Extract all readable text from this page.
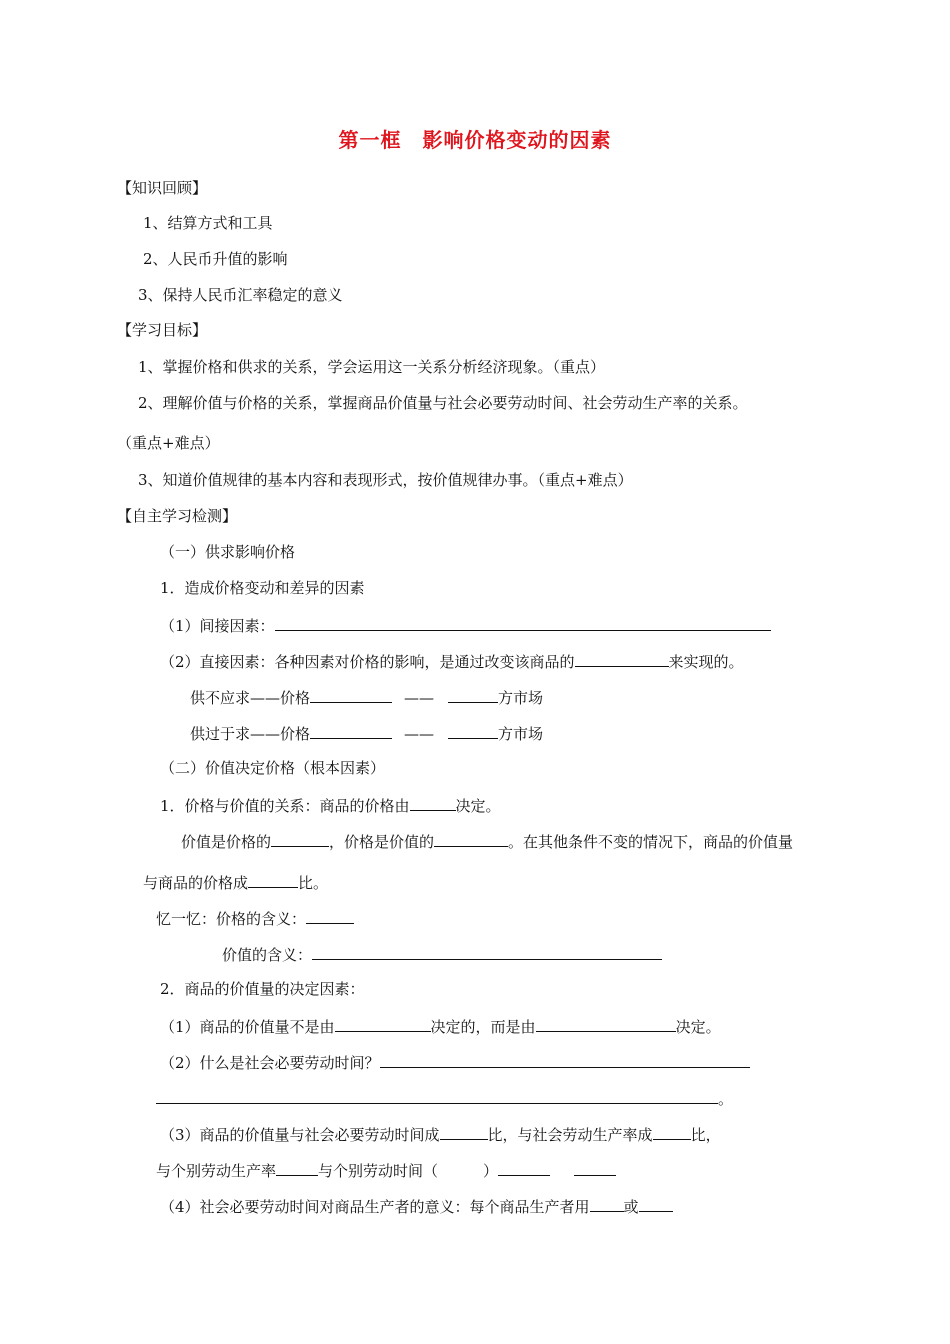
第一框　影响价格变动的因素
【知识回顾】
1、结算方式和工具
2、人民币升值的影响
3、保持人民币汇率稳定的意义
【学习目标】
1、掌握价格和供求的关系，学会运用这一关系分析经济现象。（重点）
2、理解价值与价格的关系，掌握商品价值量与社会必要劳动时间、社会劳动生产率的关系。
（重点+难点）
3、知道价值规律的基本内容和表现形式，按价值规律办事。（重点+难点）
【自主学习检测】
（一）供求影响价格
1．造成价格变动和差异的因素
（1）间接因素：
（2）直接因素：各种因素对价格的影响，是通过改变该商品的	来实现的。
供不应求——价格	——	方市场
供过于求——价格	——	方市场
（二）价值决定价格（根本因素）
1．价格与价值的关系：商品的价格由	决定。
价值是价格的	，价格是价值的	。在其他条件不变的情况下，商品的价值量
与商品的价格成	比。
忆一忆：价格的含义：
价值的含义：
2．商品的价值量的决定因素：
（1）商品的价值量不是由	决定的，而是由	决定。
（2）什么是社会必要劳动时间？
。
（3）商品的价值量与社会必要劳动时间成	比，与社会劳动生产率成	比，
与个别劳动生产率	与个别劳动时间（　　　）
（4）社会必要劳动时间对商品生产者的意义：每个商品生产者用 或
